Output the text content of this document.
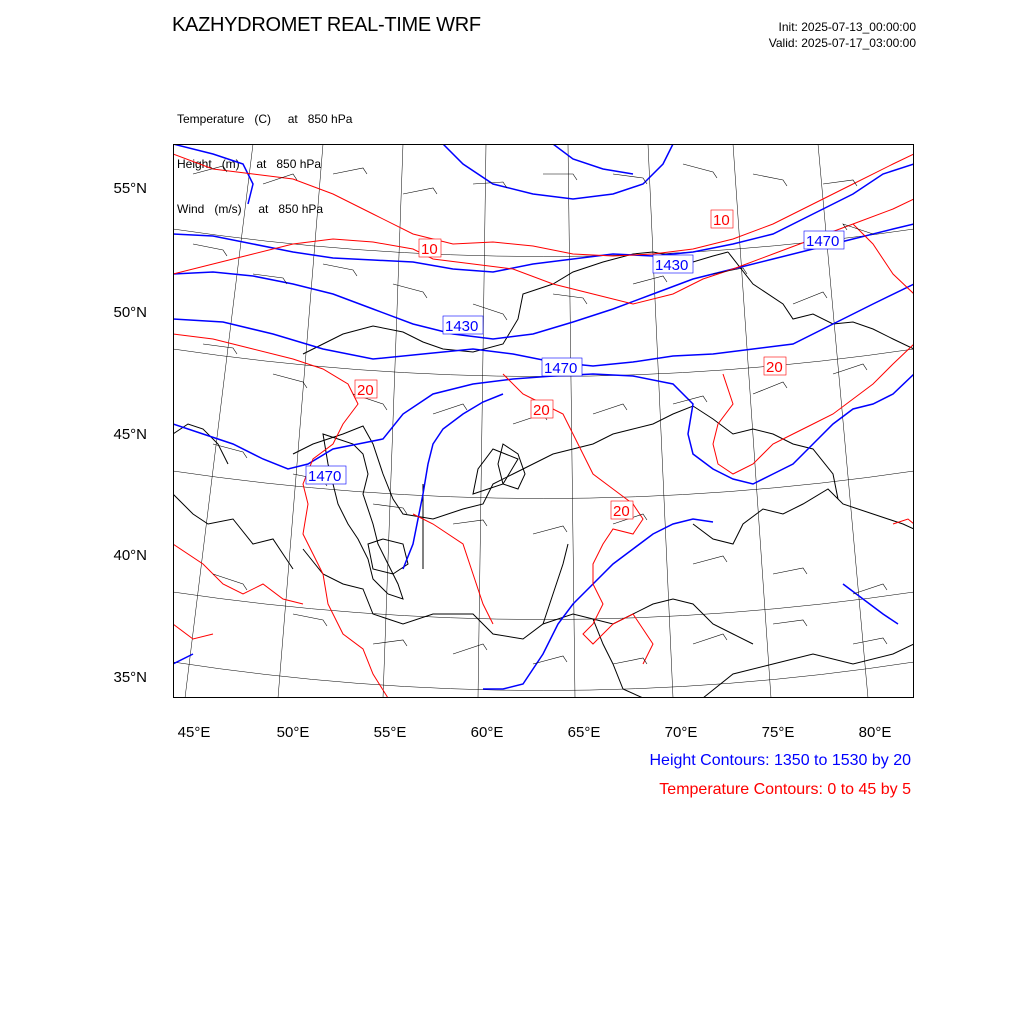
KAZHYDROMET REAL-TIME WRF	Init: 2025-07-13_00:00:00
Valid: 2025-07-17_03:00:00

Temperature   (C)     at   850 hPa

Height   (m)     at   850 hPa

Wind   (m/s)     at   850 hPa

55°N
50°N
45°N
40°N
35°N
45°E	50°E	55°E	60°E	65°E	70°E	75°E	80°E
1470
1430
1430
1470
1470
10
10
20
20
20
20
Height Contours: 1350 to 1530 by 20
Temperature Contours: 0 to 45 by 5
